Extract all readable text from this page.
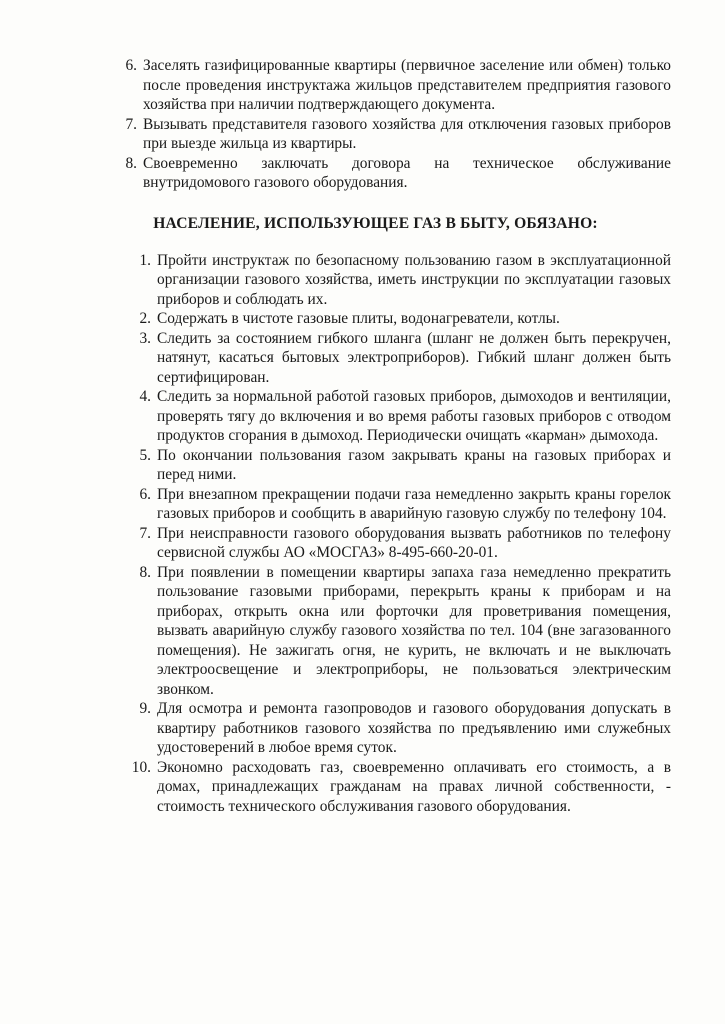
6. Заселять газифицированные квартиры (первичное заселение или обмен) только после проведения инструктажа жильцов представителем предприятия газового хозяйства при наличии подтверждающего документа.
7. Вызывать представителя газового хозяйства для отключения газовых приборов при выезде жильца из квартиры.
8. Своевременно заключать договора на техническое обслуживание внутридомового газового оборудования.
НАСЕЛЕНИЕ, ИСПОЛЬЗУЮЩЕЕ ГАЗ В БЫТУ, ОБЯЗАНО:
1. Пройти инструктаж по безопасному пользованию газом в эксплуатационной организации газового хозяйства, иметь инструкции по эксплуатации газовых приборов и соблюдать их.
2. Содержать в чистоте газовые плиты, водонагреватели, котлы.
3. Следить за состоянием гибкого шланга (шланг не должен быть перекручен, натянут, касаться бытовых электроприборов). Гибкий шланг должен быть сертифицирован.
4. Следить за нормальной работой газовых приборов, дымоходов и вентиляции, проверять тягу до включения и во время работы газовых приборов с отводом продуктов сгорания в дымоход. Периодически очищать «карман» дымохода.
5. По окончании пользования газом закрывать краны на газовых приборах и перед ними.
6. При внезапном прекращении подачи газа немедленно закрыть краны горелок газовых приборов и сообщить в аварийную газовую службу по телефону 104.
7. При неисправности газового оборудования вызвать работников по телефону сервисной службы АО «МОСГАЗ» 8-495-660-20-01.
8. При появлении в помещении квартиры запаха газа немедленно прекратить пользование газовыми приборами, перекрыть краны к приборам и на приборах, открыть окна или форточки для проветривания помещения, вызвать аварийную службу газового хозяйства по тел. 104 (вне загазованного помещения). Не зажигать огня, не курить, не включать и не выключать электроосвещение и электроприборы, не пользоваться электрическим звонком.
9. Для осмотра и ремонта газопроводов и газового оборудования допускать в квартиру работников газового хозяйства по предъявлению ими служебных удостоверений в любое время суток.
10. Экономно расходовать газ, своевременно оплачивать его стоимость, а в домах, принадлежащих гражданам на правах личной собственности, - стоимость технического обслуживания газового оборудования.
